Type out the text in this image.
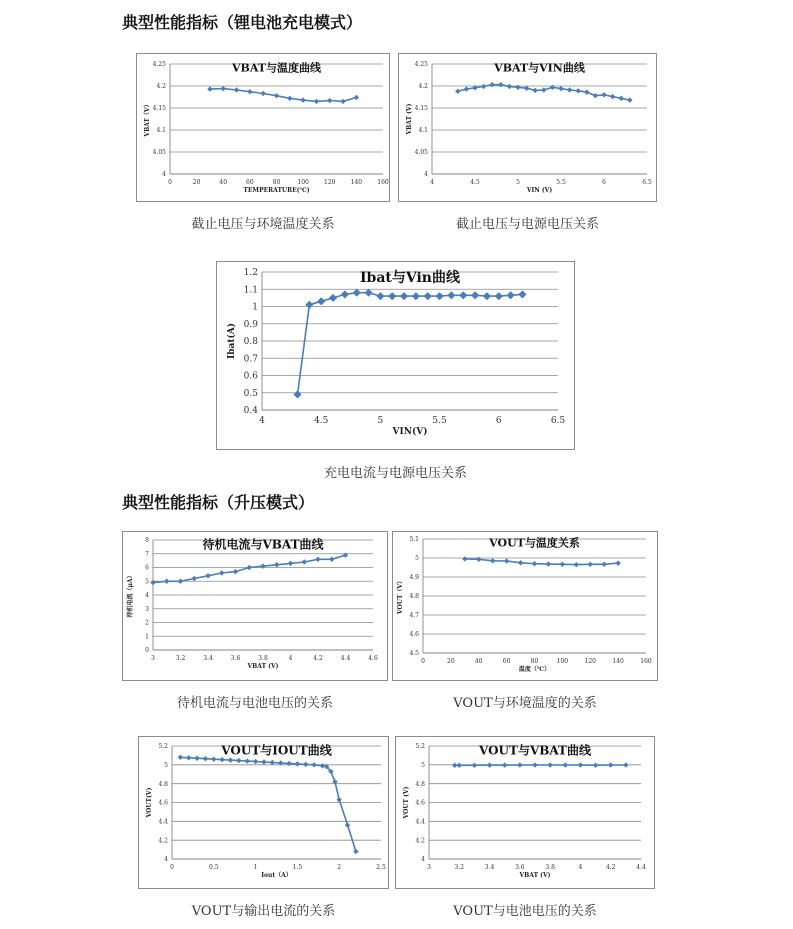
典型性能指标（锂电池充电模式）
典型性能指标（升压模式）
4
4.05
4.1
4.15
4.2
4.25
0	20	40	60	80	100	120	140	160
TEMPERATURE(℃)
VBAT（V）
VBAT与温度曲线
4
4.05
4.1
4.15
4.2
4.25
4	4.5	5	5.5	6	6.5
VIN (V)
VBAT (V)
VBAT与VIN曲线
0.4
0.5
0.6
0.7
0.8
0.9
1
1.1
1.2
4	4.5	5	5.5	6	6.5
VIN(V)
Ibat(A)
Ibat与Vin曲线
0
1
2
3
4
5
6
7
8
3	3.2	3.4	3.6	3.8	4	4.2	4.4	4.6
VBAT (V)
待机电流（μA）
待机电流与VBAT曲线
4.5
4.6
4.7
4.8
4.9
5
5.1
0	20	40	60	80	100	120	140	160
温度（℃）
VOUT（V）
VOUT与温度关系
4
4.2
4.4
4.6
4.8
5
5.2
0	0.5	1	1.5	2	2.5
Iout（A）
VOUT(V)
VOUT与IOUT曲线
4
4.2
4.4
4.6
4.8
5
5.2
3	3.2	3.4	3.6	3.8	4	4.2	4.4
VBAT (V)
VOUT (V)
VOUT与VBAT曲线
截止电压与环境温度关系	截止电压与电源电压关系
充电电流与电源电压关系
待机电流与电池电压的关系	VOUT与环境温度的关系
VOUT与输出电流的关系	VOUT与电池电压的关系
